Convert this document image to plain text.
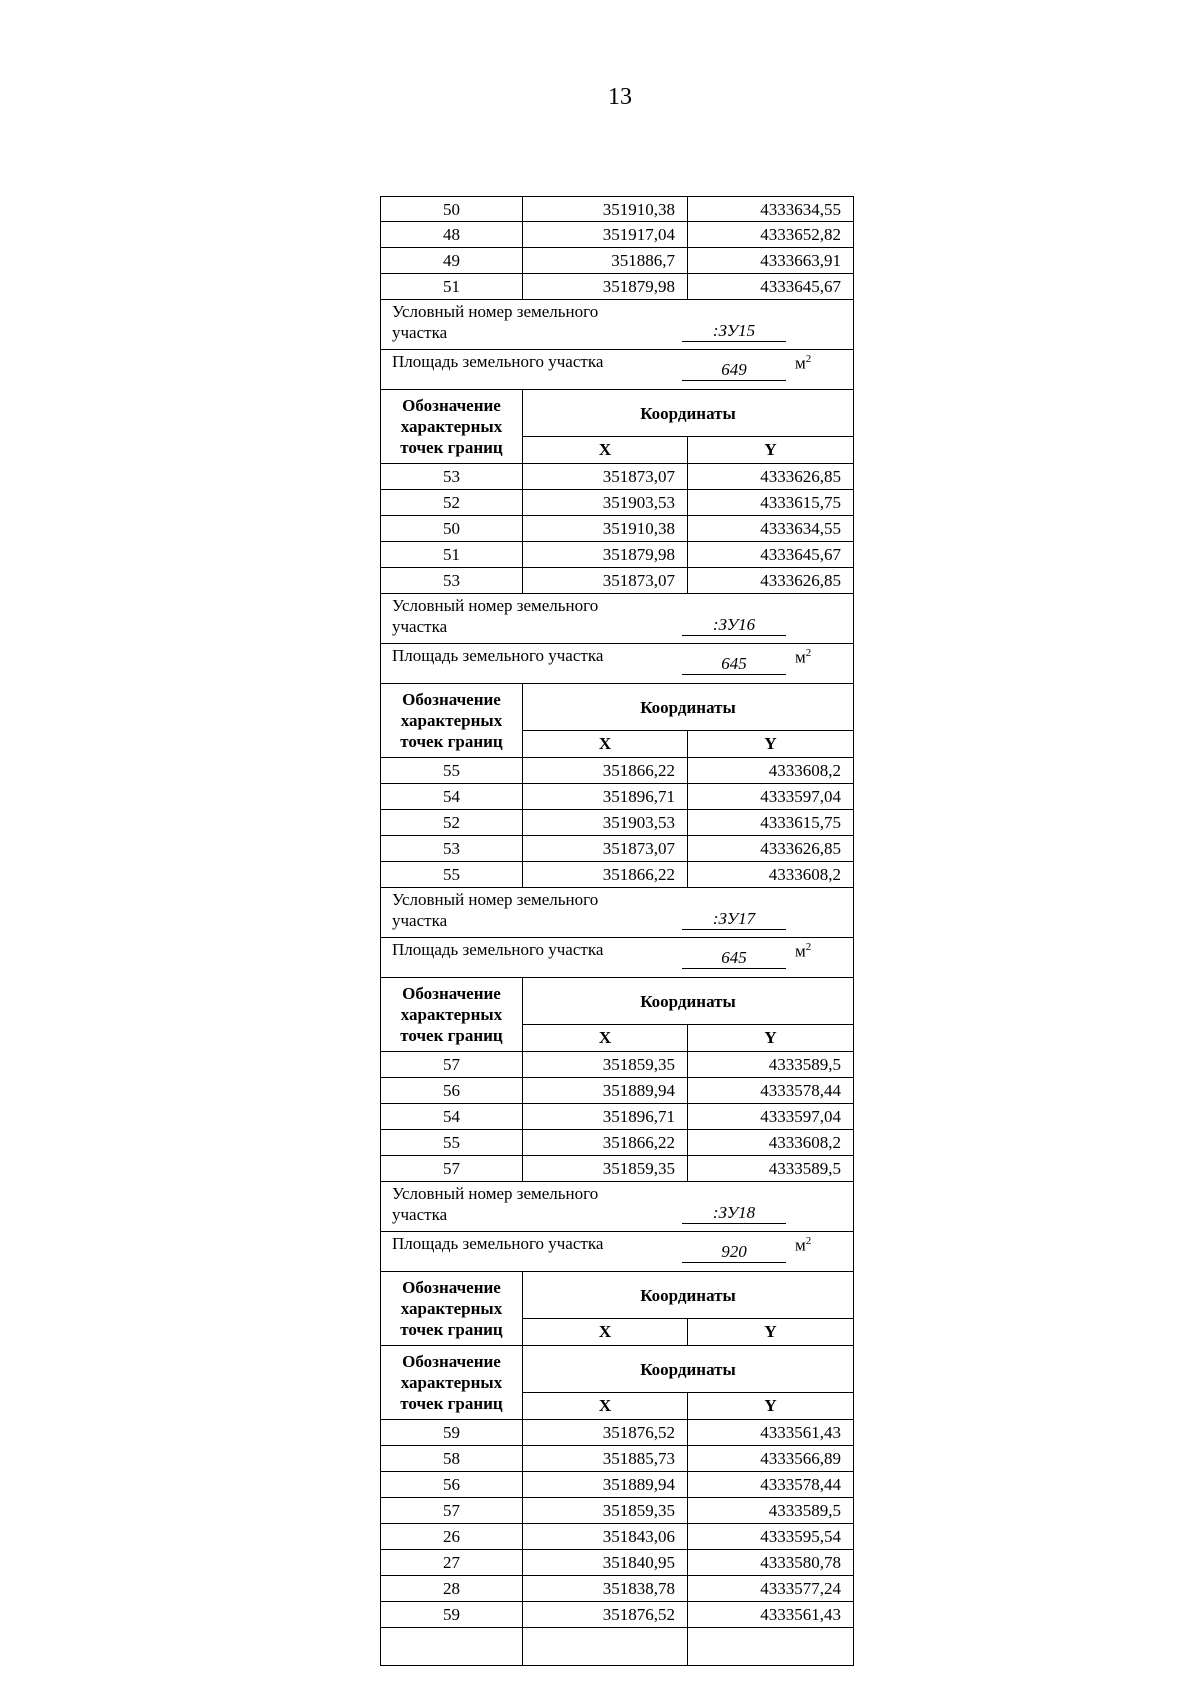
13
50	351910,38	4333634,55
48	351917,04	4333652,82
49	351886,7	4333663,91
51	351879,98	4333645,67
Условный номер земельного участка	:ЗУ15
Площадь земельного участка	649	$м^2$
Обозначение характерных точек границ
Координаты
X	Y
53	351873,07	4333626,85
52	351903,53	4333615,75
50	351910,38	4333634,55
51	351879,98	4333645,67
53	351873,07	4333626,85
Условный номер земельного участка	:ЗУ16
Площадь земельного участка	645	$м^2$
Обозначение характерных точек границ
Координаты
X	Y
55	351866,22	4333608,2
54	351896,71	4333597,04
52	351903,53	4333615,75
53	351873,07	4333626,85
55	351866,22	4333608,2
Условный номер земельного участка	:ЗУ17
Площадь земельного участка	645	$м^2$
Обозначение характерных точек границ
Координаты
X	Y
57	351859,35	4333589,5
56	351889,94	4333578,44
54	351896,71	4333597,04
55	351866,22	4333608,2
57	351859,35	4333589,5
Условный номер земельного участка	:ЗУ18
Площадь земельного участка	920	$м^2$
Обозначение характерных точек границ
Координаты
X	Y
Обозначение характерных точек границ
Координаты
X	Y
59	351876,52	4333561,43
58	351885,73	4333566,89
56	351889,94	4333578,44
57	351859,35	4333589,5
26	351843,06	4333595,54
27	351840,95	4333580,78
28	351838,78	4333577,24
59	351876,52	4333561,43
